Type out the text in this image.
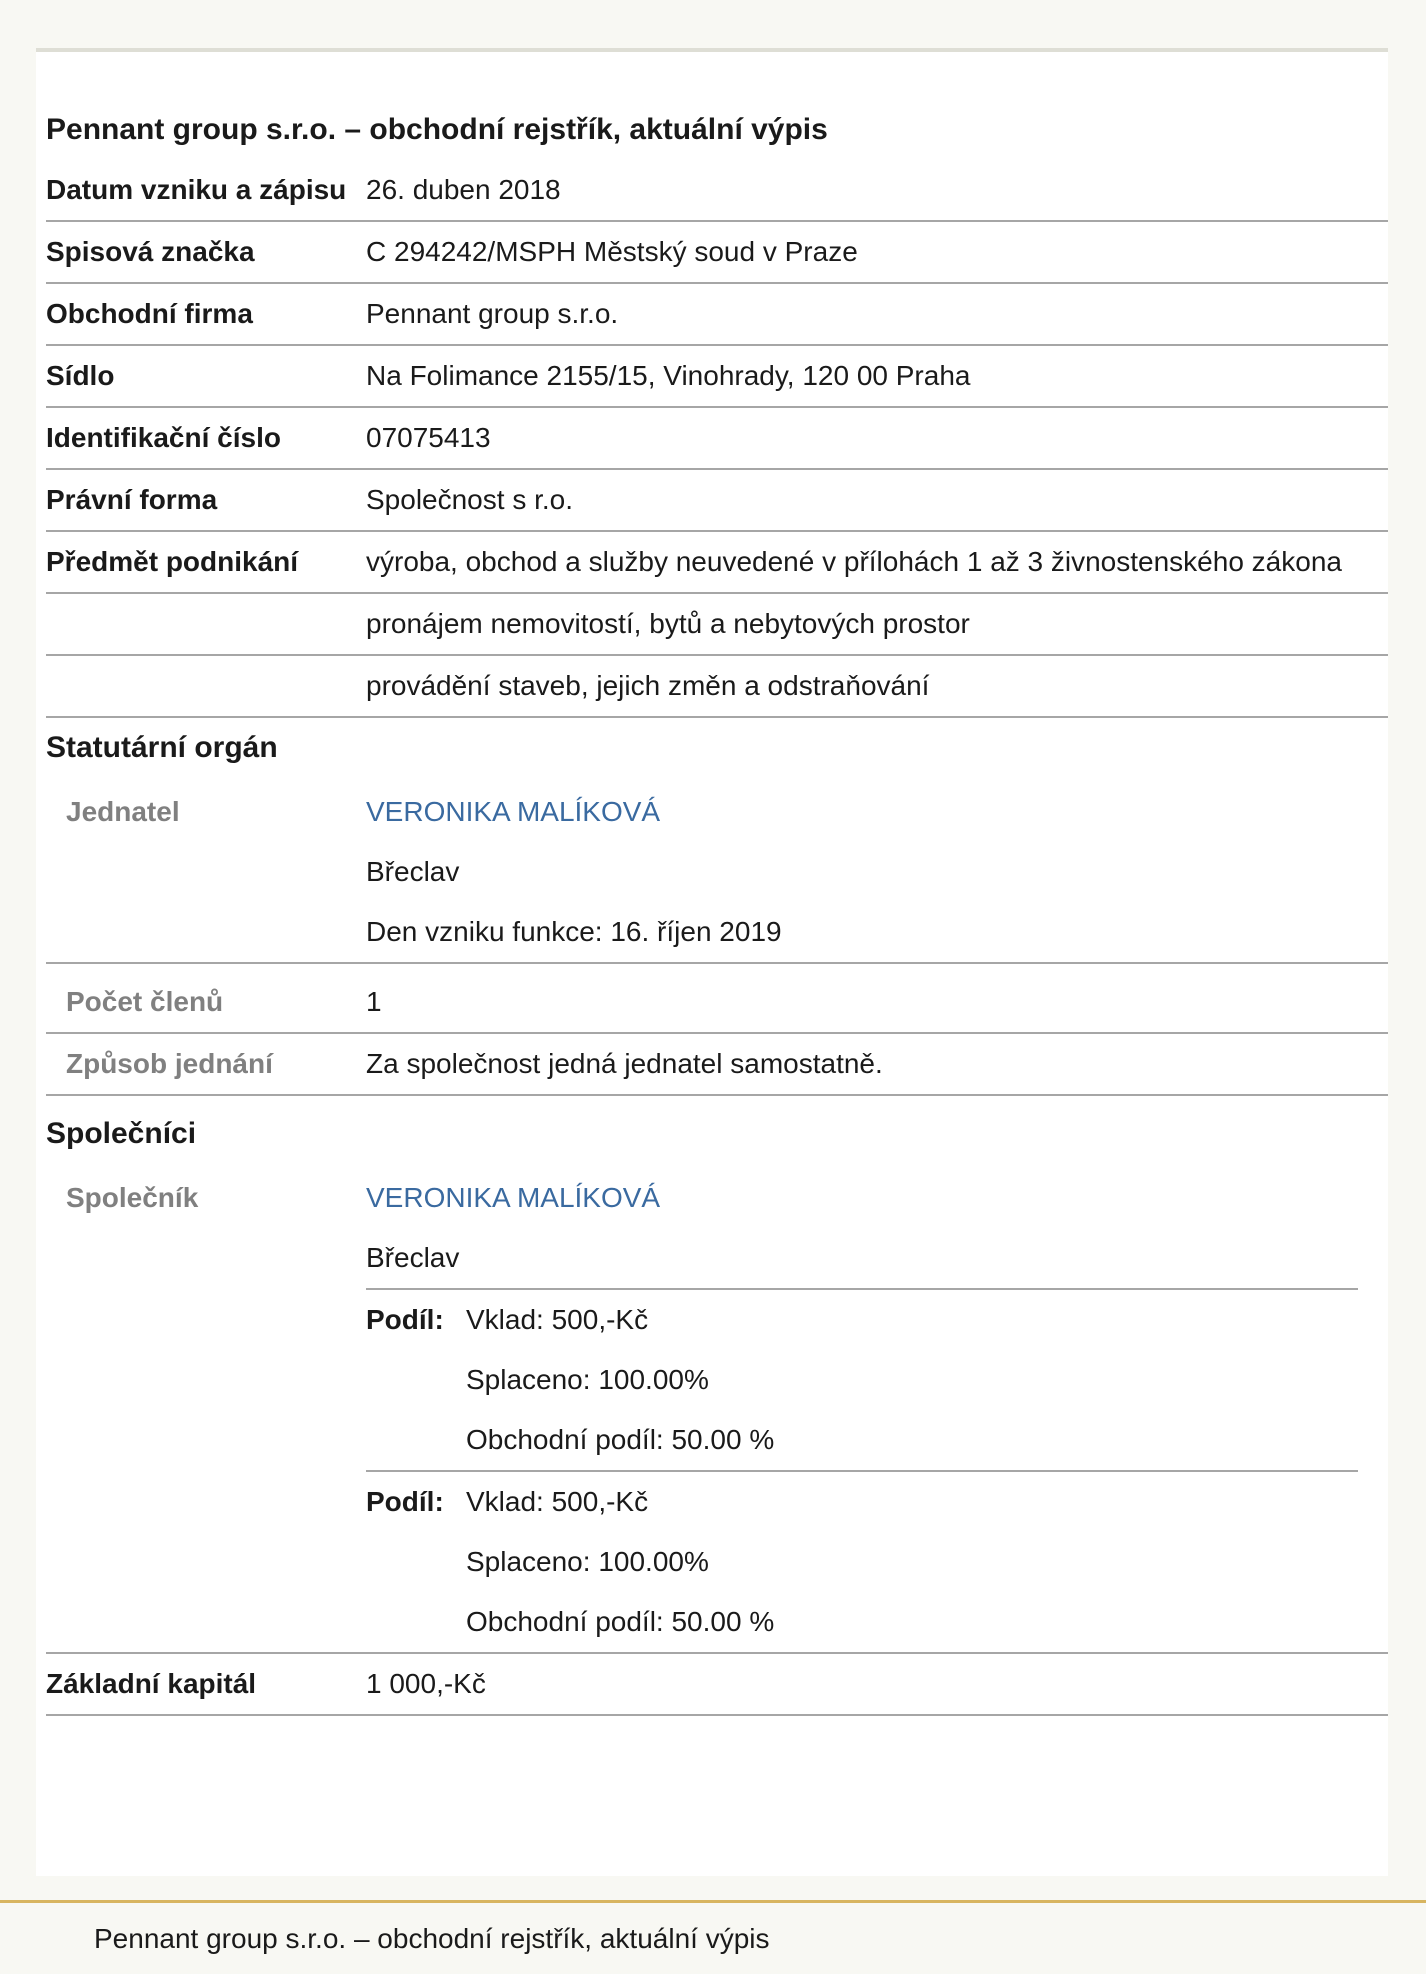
Pennant group s.r.o. – obchodní rejstřík, aktuální výpis
Datum vzniku a zápisu 26. duben 2018
Spisová značka	C 294242/MSPH Městský soud v Praze
Obchodní firma	Pennant group s.r.o.
Sídlo	Na Folimance 2155/15, Vinohrady, 120 00 Praha
Identifikační číslo	07075413
Právní forma	Společnost s r.o.
Předmět podnikání	výroba, obchod a služby neuvedené v přílohách 1 až 3 živnostenského zákona
pronájem nemovitostí, bytů a nebytových prostor
provádění staveb, jejich změn a odstraňování
Statutární orgán
Jednatel	VERONIKA MALÍKOVÁ
Břeclav
Den vzniku funkce: 16. říjen 2019
Počet členů	1
Způsob jednání	Za společnost jedná jednatel samostatně.
Společníci
Společník	VERONIKA MALÍKOVÁ
Břeclav
Podíl: Vklad: 500,-Kč
Splaceno: 100.00%
Obchodní podíl: 50.00 %
Podíl: Vklad: 500,-Kč
Splaceno: 100.00%
Obchodní podíl: 50.00 %
Základní kapitál	1 000,-Kč
Pennant group s.r.o. – obchodní rejstřík, aktuální výpis
